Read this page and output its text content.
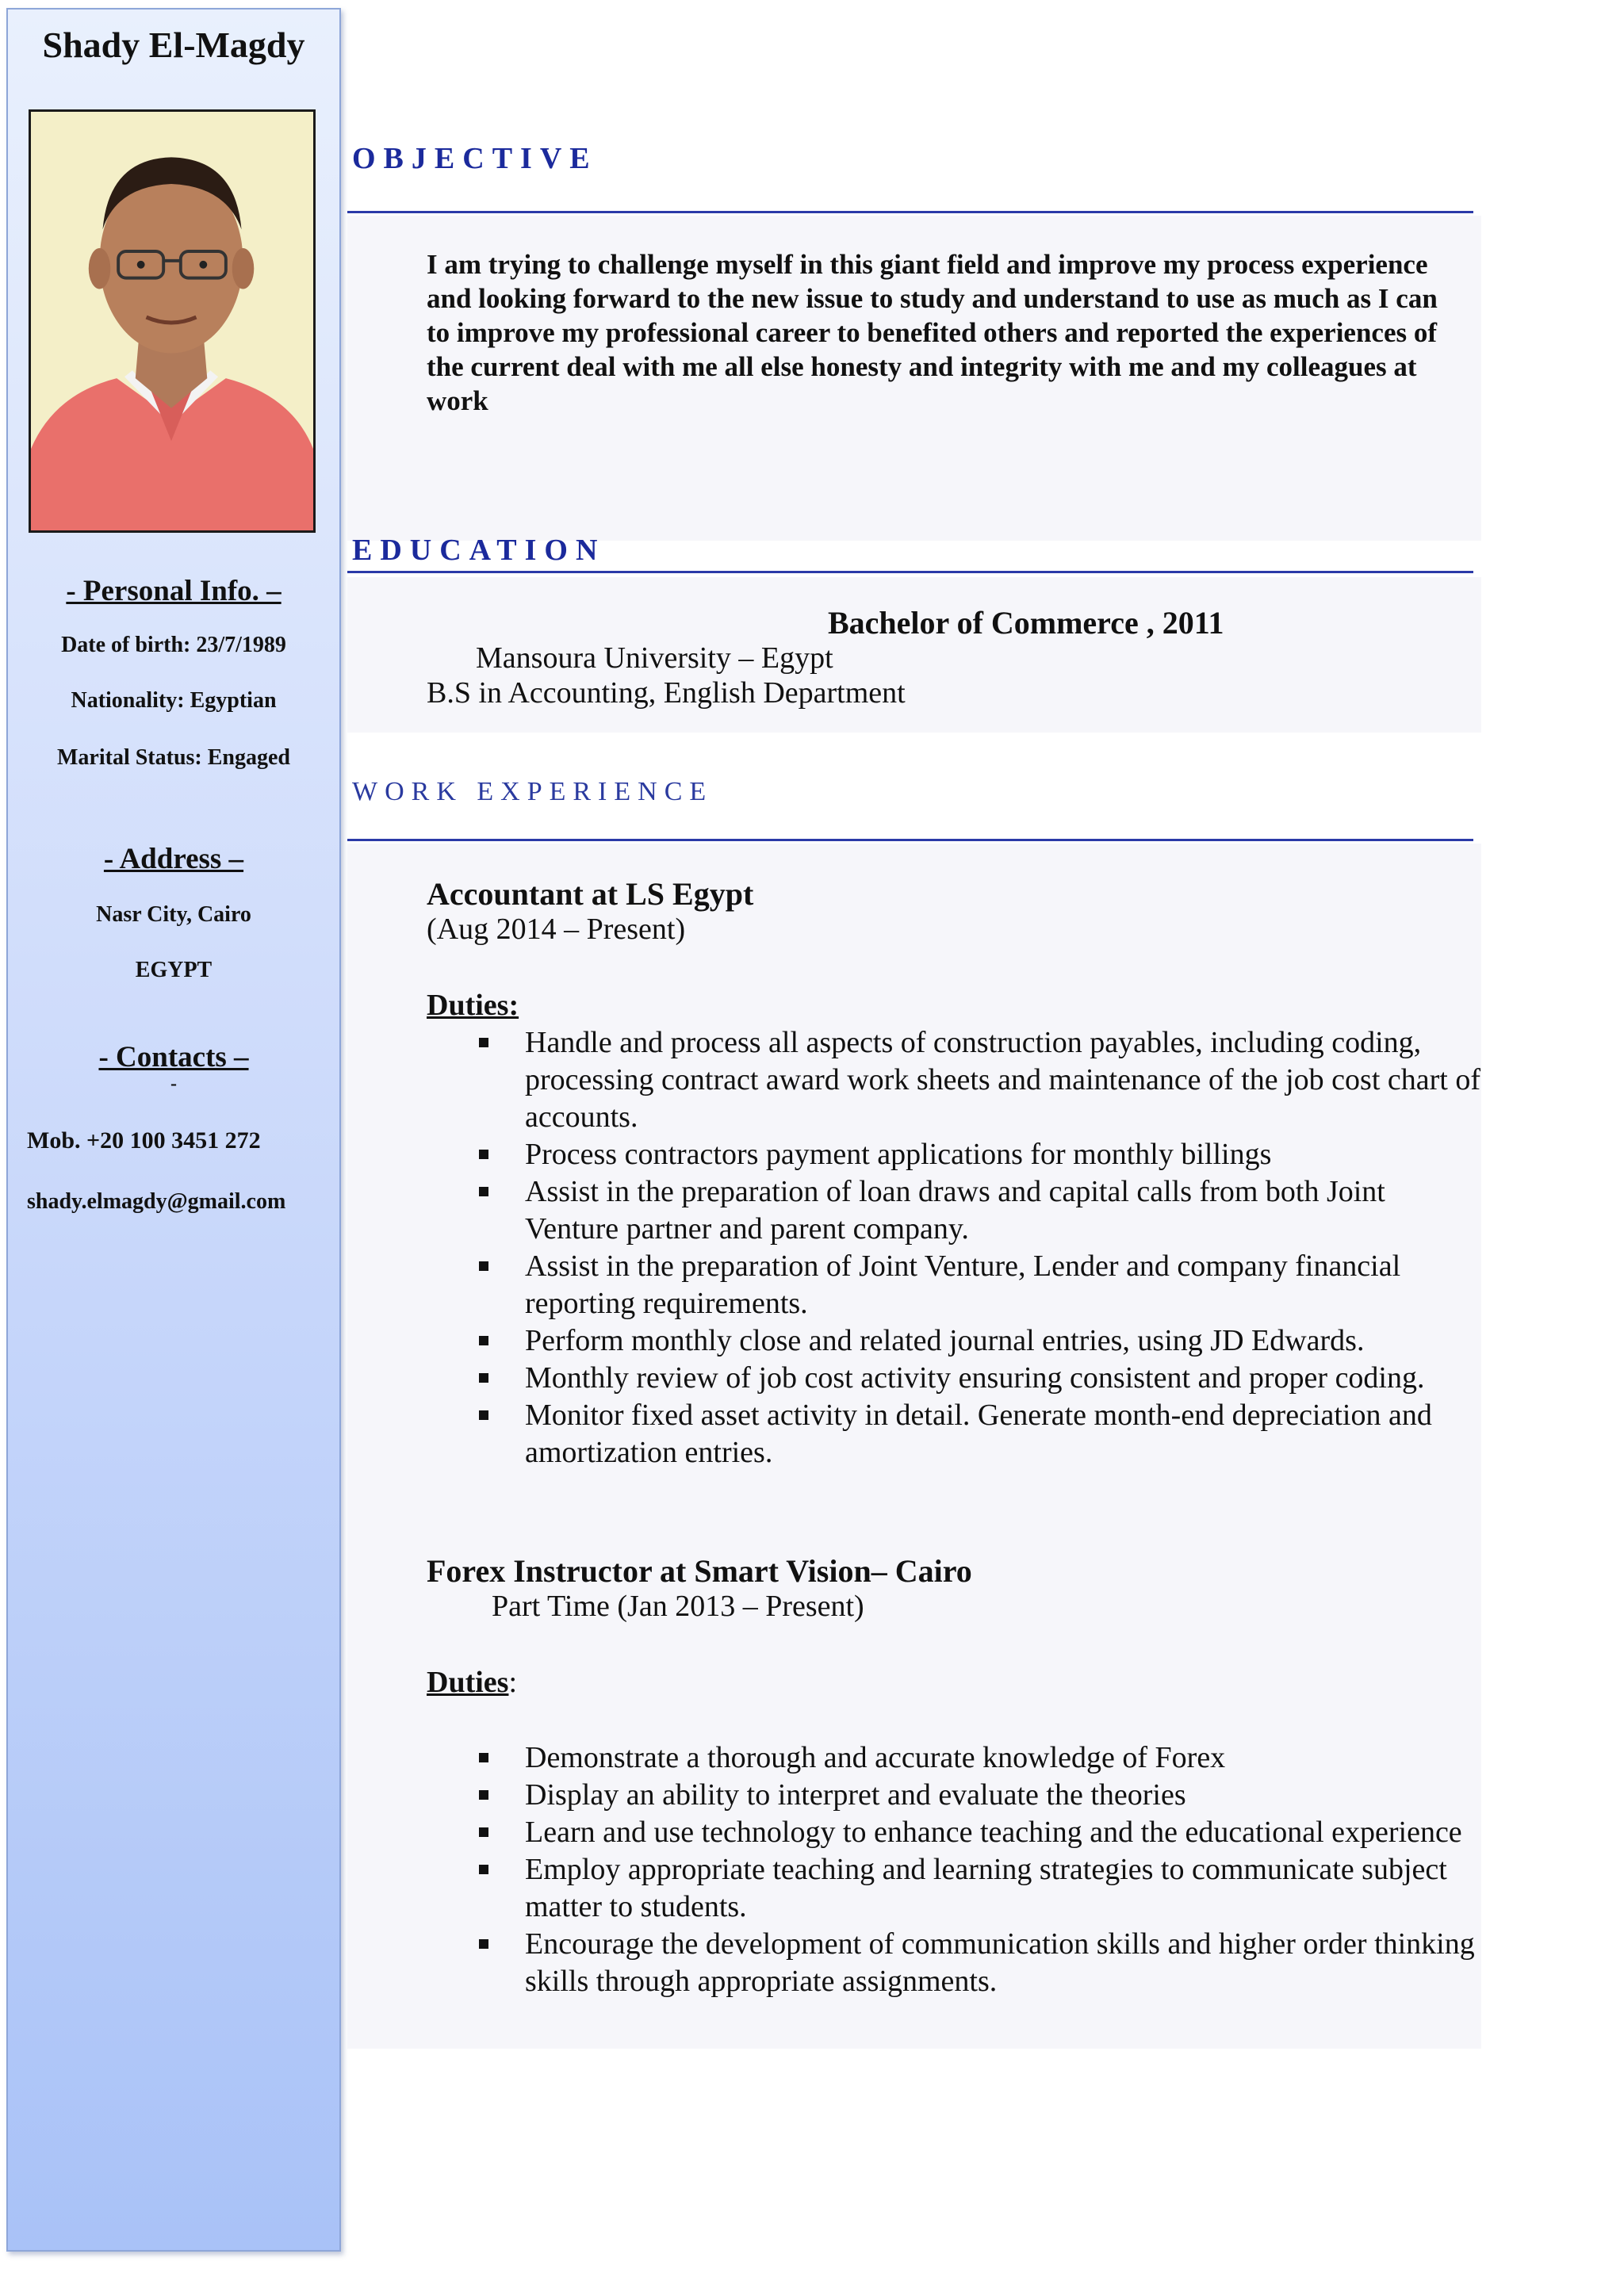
Shady El-Magdy
- Personal Info. –
Date of birth: 23/7/1989
Nationality: Egyptian
Marital Status: Engaged
- Address –
Nasr City, Cairo
EGYPT
- Contacts –
-
Mob. +20 100 3451 272
shady.elmagdy@gmail.com
OBJECTIVE
I am trying to challenge myself in this giant field and improve my process experience and looking forward to the new issue to study and understand to use as much as I can to improve my professional career to benefited others and reported the experiences of the current deal with me all else honesty and integrity with me and my colleagues at work
EDUCATION
Bachelor of Commerce , 2011
Mansoura University – Egypt
B.S in Accounting, English Department
WORK EXPERIENCE
Accountant at LS Egypt
(Aug 2014 – Present)
Duties:
Handle and process all aspects of construction payables, including coding, processing contract award work sheets and maintenance of the job cost chart of accounts.
Process contractors payment applications for monthly billings
Assist in the preparation of loan draws and capital calls from both Joint Venture partner and parent company.
Assist in the preparation of Joint Venture, Lender and company financial reporting requirements.
Perform monthly close and related journal entries, using JD Edwards.
Monthly review of job cost activity ensuring consistent and proper coding.
Monitor fixed asset activity in detail. Generate month-end depreciation and amortization entries.
Forex Instructor at Smart Vision– Cairo
Part Time (Jan 2013 – Present)
Duties:
Demonstrate a thorough and accurate knowledge of Forex
Display an ability to interpret and evaluate the theories
Learn and use technology to enhance teaching and the educational experience
Employ appropriate teaching and learning strategies to communicate subject matter to students.
Encourage the development of communication skills and higher order thinking skills through appropriate assignments.
